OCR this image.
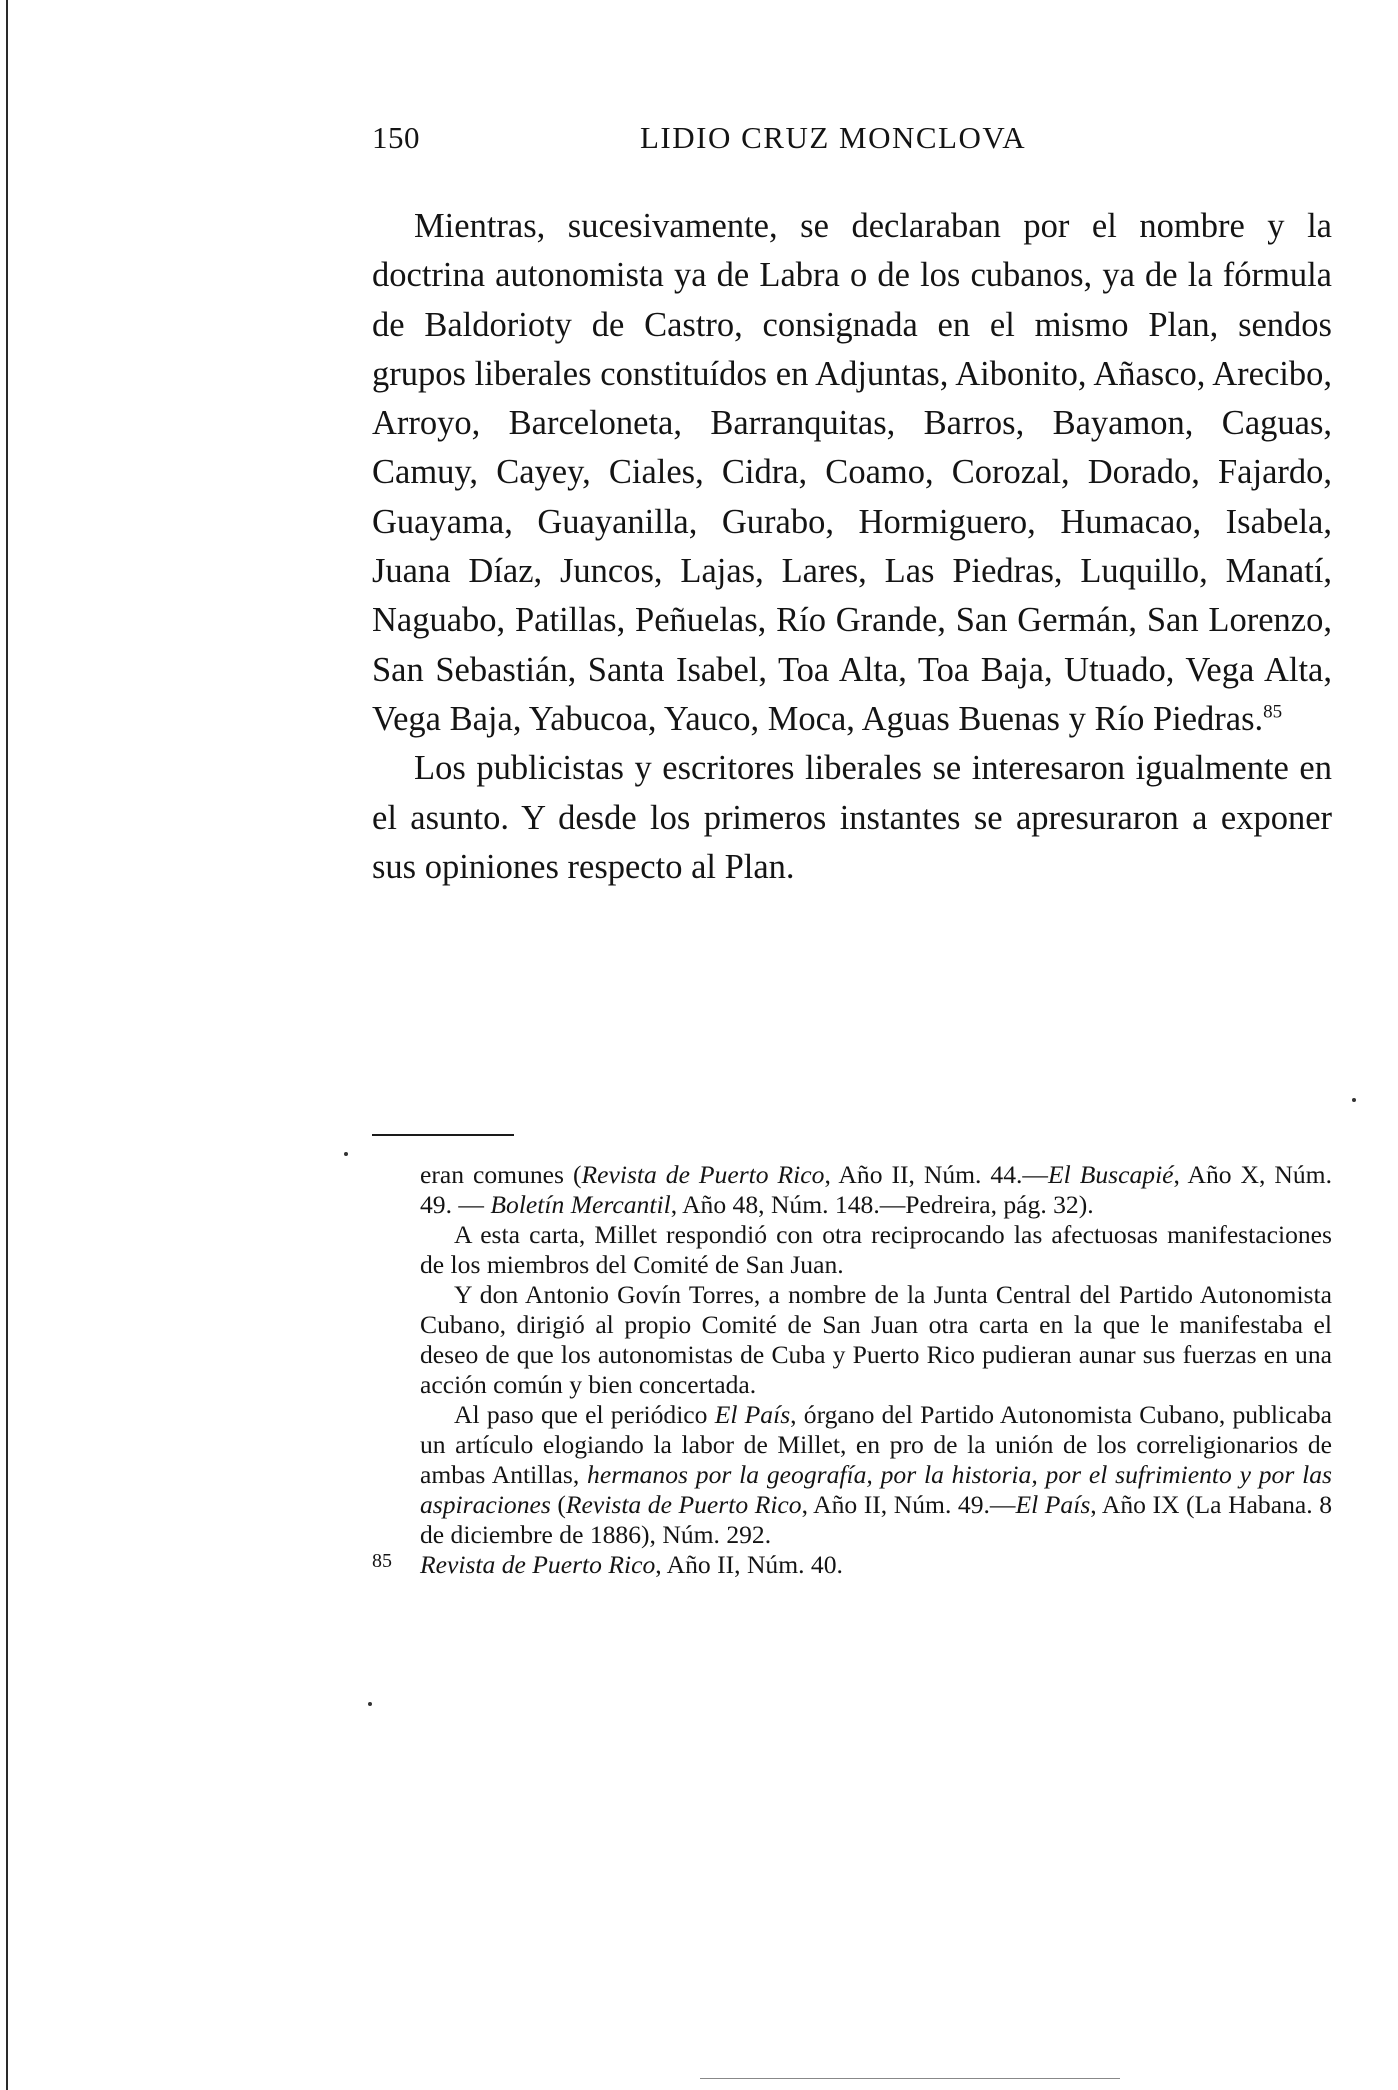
150	LIDIO CRUZ MONCLOVA

Mientras, sucesivamente, se declaraban por el nombre y la doctrina autonomista ya de Labra o de los cubanos, ya de la fórmula de Baldorioty de Castro, consignada en el mismo Plan, sendos grupos liberales constituídos en Adjuntas, Aibonito, Añasco, Arecibo, Arroyo, Barceloneta, Barranquitas, Barros, Bayamon, Caguas, Camuy, Cayey, Ciales, Cidra, Coamo, Corozal, Dorado, Fajardo, Guayama, Guayanilla, Gurabo, Hormiguero, Humacao, Isabela, Juana Díaz, Juncos, Lajas, Lares, Las Piedras, Luquillo, Manatí, Naguabo, Patillas, Peñuelas, Río Grande, San Germán, San Lorenzo, San Sebastián, Santa Isabel, Toa Alta, Toa Baja, Utuado, Vega Alta, Vega Baja, Yabucoa, Yauco, Moca, Aguas Buenas y Río Piedras.$^{85}$

Los publicistas y escritores liberales se interesaron igualmente en el asunto. Y desde los primeros instantes se apresuraron a exponer sus opiniones respecto al Plan.

eran comunes (Revista de Puerto Rico, Año II, Núm. 44.—El Buscapié, Año X, Núm. 49. — Boletín Mercantil, Año 48, Núm. 148.—Pedreira, pág. 32).

A esta carta, Millet respondió con otra reciprocando las afectuosas manifestaciones de los miembros del Comité de San Juan.

Y don Antonio Govín Torres, a nombre de la Junta Central del Partido Autonomista Cubano, dirigió al propio Comité de San Juan otra carta en la que le manifestaba el deseo de que los autonomistas de Cuba y Puerto Rico pudieran aunar sus fuerzas en una acción común y bien concertada.

Al paso que el periódico El País, órgano del Partido Autonomista Cubano, publicaba un artículo elogiando la labor de Millet, en pro de la unión de los correligionarios de ambas Antillas, hermanos por la geografía, por la historia, por el sufrimiento y por las aspiraciones (Revista de Puerto Rico, Año II, Núm. 49.—El País, Año IX (La Habana. 8 de diciembre de 1886), Núm. 292.

85 Revista de Puerto Rico, Año II, Núm. 40.
